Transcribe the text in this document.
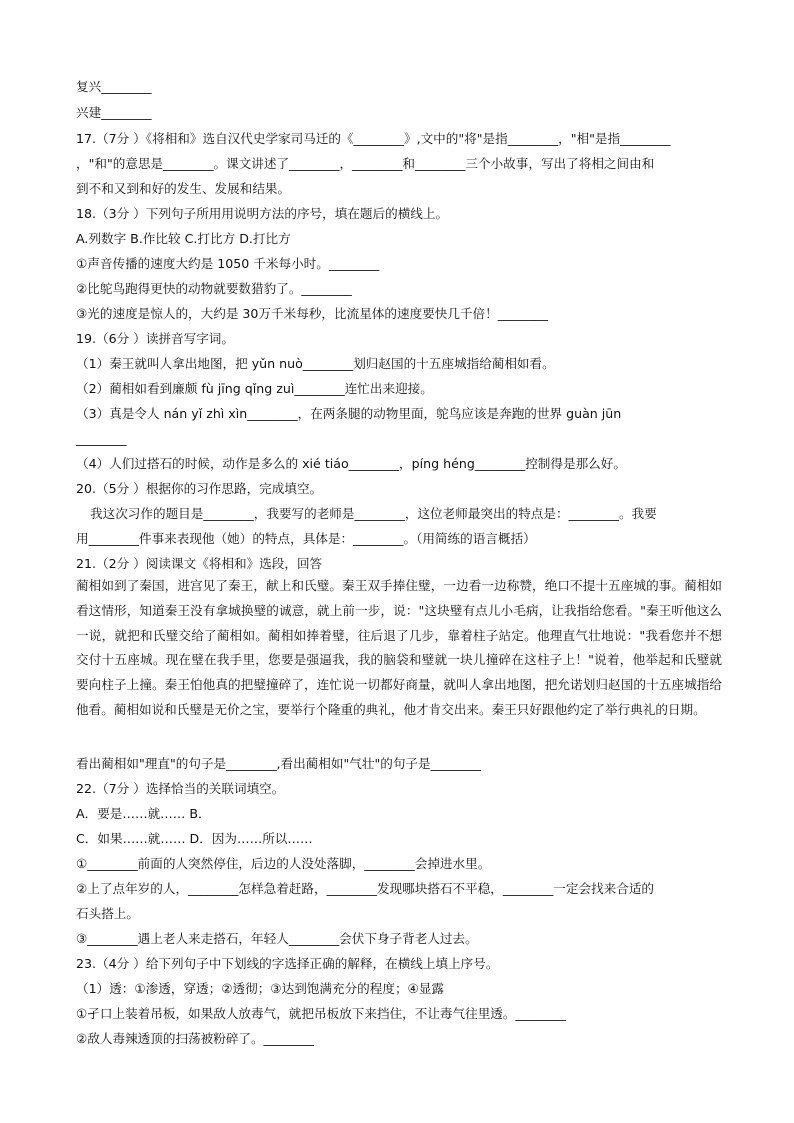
复兴________
兴建________
17.（7分 ）《将相和》选自汉代史学家司马迁的《________》,文中的"将"是指________，"相"是指________
，"和"的意思是________。课文讲述了________，________和________三个小故事，写出了将相之间由和
到不和又到和好的发生、发展和结果。
18.（3分 ）下列句子所用用说明方法的序号，填在题后的横线上。
A.列数字 B.作比较 C.打比方 D.打比方
①声音传播的速度大约是 1050 千米每小时。________
②比鸵鸟跑得更快的动物就要数猎豹了。________
③光的速度是惊人的，大约是 30万千米每秒，比流星体的速度要快几千倍！________
19.（6分 ）读拼音写字词。
（1）秦王就叫人拿出地图，把 yǔn nuò________划归赵国的十五座城指给蔺相如看。
（2）蔺相如看到廉颇 fù jīng qǐng zuì________连忙出来迎接。
（3）真是令人 nán yǐ zhì xìn________，在两条腿的动物里面，鸵鸟应该是奔跑的世界 guàn jūn
________
（4）人们过搭石的时候，动作是多么的 xié tiáo________，píng héng________控制得是那么好。
20.（5分 ）根据你的习作思路，完成填空。
我这次习作的题目是________，我要写的老师是________，这位老师最突出的特点是：________。我要
用________件事来表现他（她）的特点，具体是：________。（用简练的语言概括）
21.（2分 ）阅读课文《将相和》选段，回答
蔺相如到了秦国，进宫见了秦王，献上和氏璧。秦王双手捧住璧，一边看一边称赞，绝口不提十五座城的事。蔺相如看这情形，知道秦王没有拿城换璧的诚意，就上前一步，说："这块璧有点儿小毛病，让我指给您看。"秦王听他这么一说，就把和氏璧交给了蔺相如。蔺相如捧着璧，往后退了几步，靠着柱子站定。他理直气壮地说："我看您并不想交付十五座城。现在璧在我手里，您要是强逼我，我的脑袋和璧就一块儿撞碎在这柱子上！"说着，他举起和氏璧就要向柱子上撞。秦王怕他真的把璧撞碎了，连忙说一切都好商量，就叫人拿出地图，把允诺划归赵国的十五座城指给他看。蔺相如说和氏璧是无价之宝，要举行个隆重的典礼，他才肯交出来。秦王只好跟他约定了举行典礼的日期。
看出蔺相如"理直"的句子是________,看出蔺相如"气壮"的句子是________
22.（7分 ）选择恰当的关联词填空。
A．要是……就…… B．
C．如果……就…… D．因为……所以……
①________前面的人突然停住，后边的人没处落脚，________会掉进水里。
②上了点年岁的人，________怎样急着赶路，________发现哪块搭石不平稳，________一定会找来合适的
石头搭上。
③________遇上老人来走搭石，年轻人________会伏下身子背老人过去。
23.（4分 ）给下列句子中下划线的字选择正确的解释，在横线上填上序号。
（1）透：①渗透，穿透；②透彻；③达到饱满充分的程度；④显露
①孑口上装着吊板，如果敌人放毒气，就把吊板放下来挡住，不让毒气往里透。________
②敌人毒辣透顶的扫荡被粉碎了。________
